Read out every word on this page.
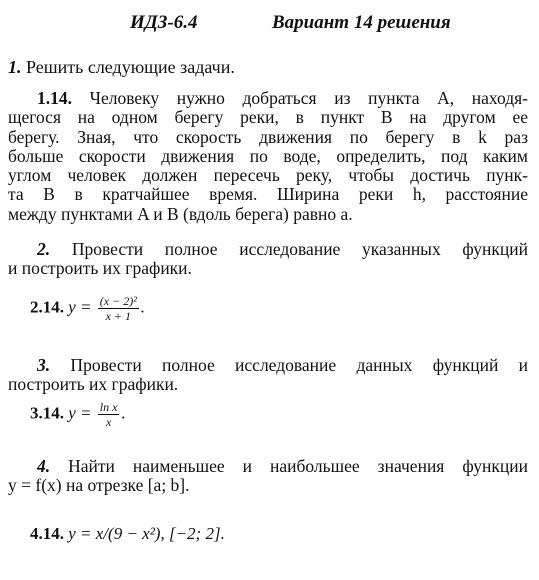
ИДЗ-6.4	Вариант 14 решения
1. Решить следующие задачи.
1.14. Человеку нужно добраться из пункта A, находя-
щегося на одном берегу реки, в пункт B на другом ее
берегу. Зная, что скорость движения по берегу в k раз
больше скорости движения по воде, определить, под каким
углом человек должен пересечь реку, чтобы достичь пунк-
та B в кратчайшее время. Ширина реки h, расстояние
между пунктами A и B (вдоль берега) равно a.
2. Провести полное исследование указанных функций
и построить их графики.
2.14. $y = \frac{\text{(x − 2)²}}{x + 1}$ .
3. Провести полное исследование данных функций и
построить их графики.
3.14. $y = \frac{\text{ln x}}{x}$ .
4. Найти наименьшее и наибольшее значения функции
y = f(x) на отрезке [a; b].
4.14. y = x/(9 − x²), [−2; 2].
